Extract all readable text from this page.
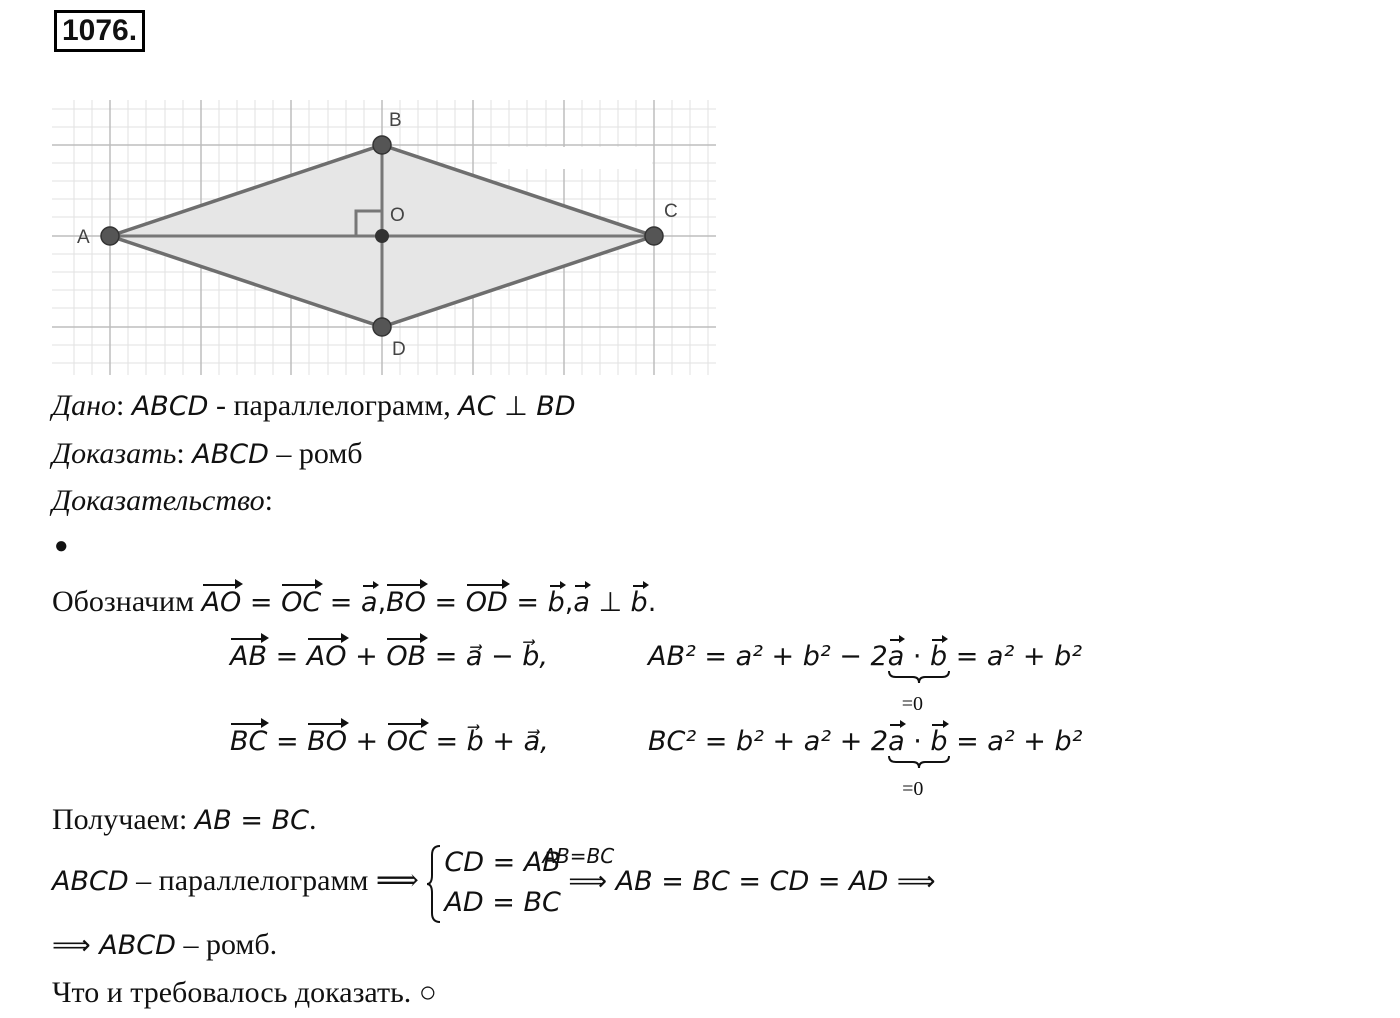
1076.
A
B
C
D
O
Дано: ABCD - параллелограмм, AC ⊥ BD
Доказать: ABCD – ромб
Доказательство:
●
Обозначим AO = OC = a,BO = OD = b,a ⊥ b.
AB = AO + OB = a⃗ − b⃗,	AB² = a² + b² − 2a · b
=0
= a² + b²
BC = BO + OC = b⃗ + a⃗,	BC² = b² + a² + 2a · b
=0
= a² + b²
Получаем: AB = BC.
ABCD – параллелограмм ⟹
CD = AB
AD = BC

AB=BC
⟹ AB = BC = CD = AD ⟹
⟹ ABCD – ромб.
Что и требовалось доказать. ○
